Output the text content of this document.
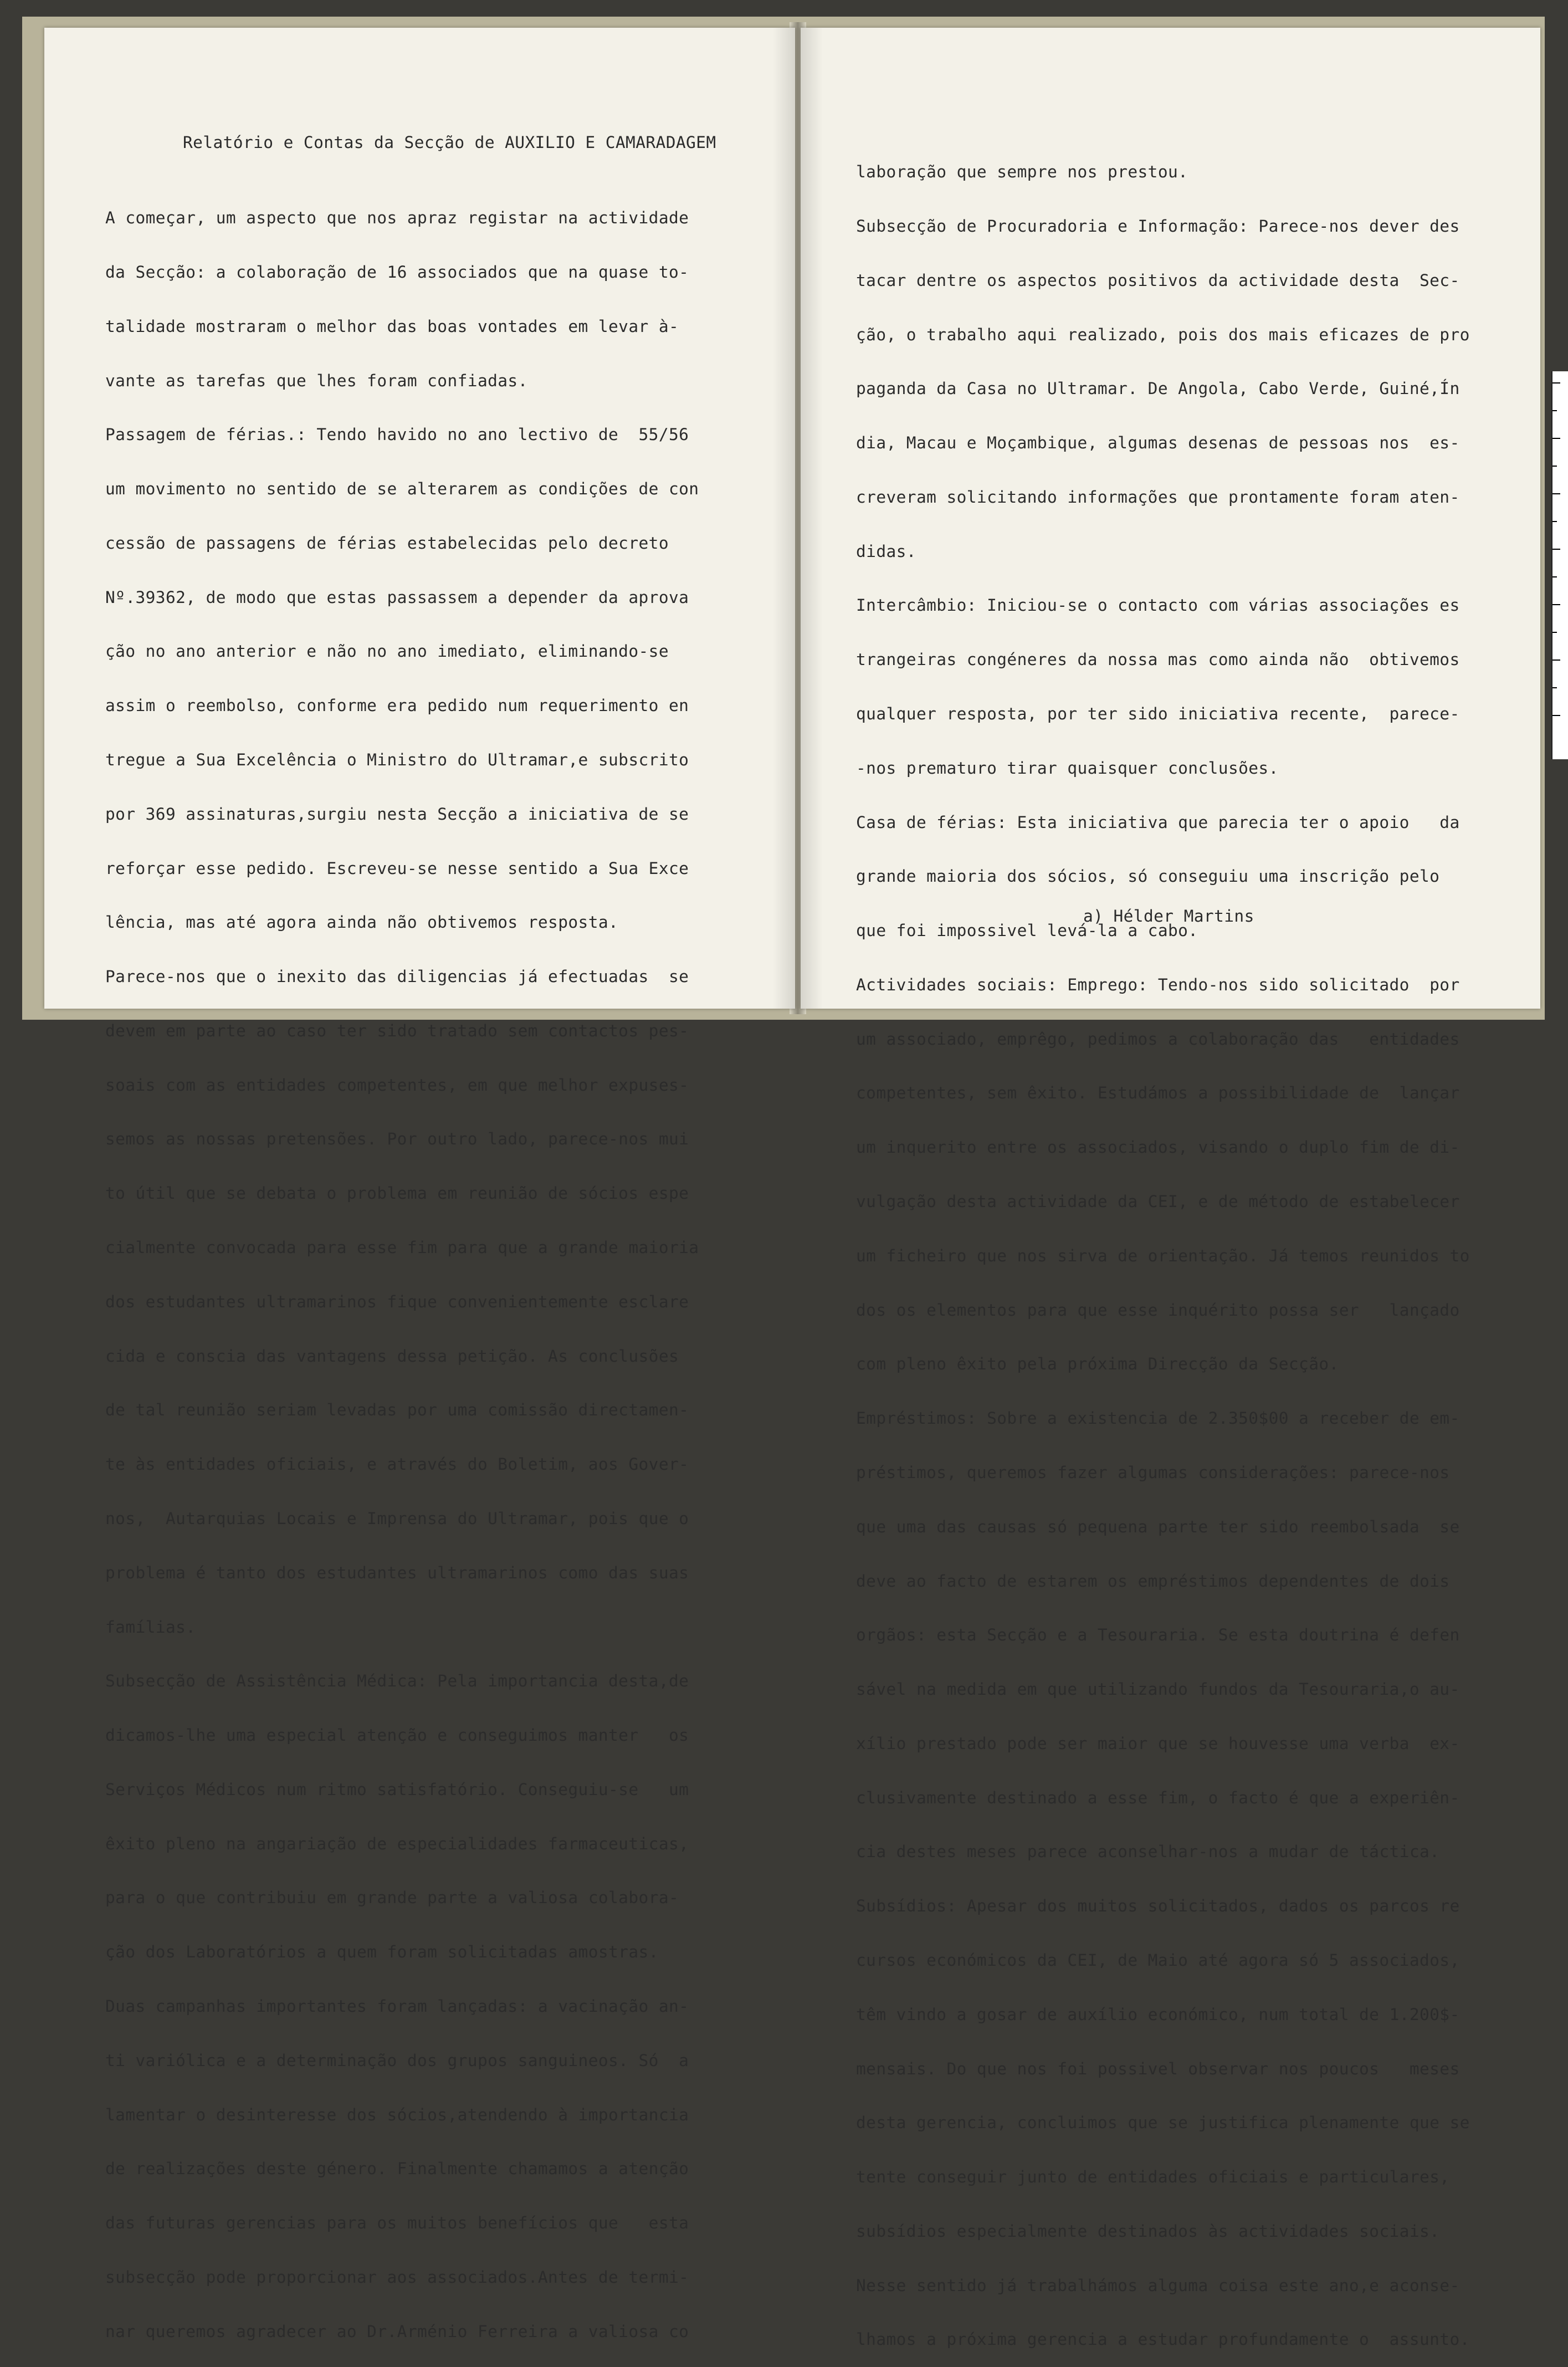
Relatório e Contas da Secção de AUXILIO E CAMARADAGEM

A começar, um aspecto que nos apraz registar na actividade

da Secção: a colaboração de 16 associados que na quase to-

talidade mostraram o melhor das boas vontades em levar à-

vante as tarefas que lhes foram confiadas.

Passagem de férias.: Tendo havido no ano lectivo de  55/56

um movimento no sentido de se alterarem as condições de con

cessão de passagens de férias estabelecidas pelo decreto

Nº.39362, de modo que estas passassem a depender da aprova

ção no ano anterior e não no ano imediato, eliminando-se

assim o reembolso, conforme era pedido num requerimento en

tregue a Sua Excelência o Ministro do Ultramar,e subscrito

por 369 assinaturas,surgiu nesta Secção a iniciativa de se

reforçar esse pedido. Escreveu-se nesse sentido a Sua Exce

lência, mas até agora ainda não obtivemos resposta.

Parece-nos que o inexito das diligencias já efectuadas  se

devem em parte ao caso ter sido tratado sem contactos pes-

soais com as entidades competentes, em que melhor expuses-

semos as nossas pretensões. Por outro lado, parece-nos mui

to útil que se debata o problema em reunião de sócios espe

cialmente convocada para esse fim para que a grande maioria

dos estudantes ultramarinos fique convenientemente esclare

cida e conscia das vantagens dessa petição. As conclusões

de tal reunião seriam levadas por uma comissão directamen-

te às entidades oficiais, e através do Boletim, aos Gover-

nos,  Autarquias Locais e Imprensa do Ultramar, pois que o

problema é tanto dos estudantes ultramarinos como das suas

famílias.

Subsecção de Assistência Médica: Pela importancia desta,de

dicamos-lhe uma especial atenção e conseguimos manter   os

Serviços Médicos num ritmo satisfatório. Conseguiu-se   um

êxito pleno na angariação de especialidades farmaceuticas,

para o que contribuiu em grande parte a valiosa colabora-

ção dos Laboratórios a quem foram solicitadas amostras.

Duas campanhas importantes foram lançadas: a vacinação an-

ti variólica e a determinação dos grupos sanguineos. Só  a

lamentar o desinteresse dos sócios,atendendo à importancia

de realizações deste género. Finalmente chamamos a atenção

das futuras gerencias para os muitos benefícios que   esta

subsecção pode proporcionar aos associados.Antes de termi-

nar queremos agradecer ao Dr.Arménio Ferreira a valiosa co

laboração que sempre nos prestou.

Subsecção de Procuradoria e Informação: Parece-nos dever des

tacar dentre os aspectos positivos da actividade desta  Sec-

ção, o trabalho aqui realizado, pois dos mais eficazes de pro

paganda da Casa no Ultramar. De Angola, Cabo Verde, Guiné,Ín

dia, Macau e Moçambique, algumas desenas de pessoas nos  es-

creveram solicitando informações que prontamente foram aten-

didas.

Intercâmbio: Iniciou-se o contacto com várias associações es

trangeiras congéneres da nossa mas como ainda não  obtivemos

qualquer resposta, por ter sido iniciativa recente,  parece-

-nos prematuro tirar quaisquer conclusões.

Casa de férias: Esta iniciativa que parecia ter o apoio   da

grande maioria dos sócios, só conseguiu uma inscrição pelo

que foi impossivel levá-la a cabo.

Actividades sociais: Emprego: Tendo-nos sido solicitado  por

um associado, emprêgo, pedimos a colaboração das   entidades

competentes, sem êxito. Estudámos a possibilidade de  lançar

um inquerito entre os associados, visando o duplo fim de di-

vulgação desta actividade da CEI, e de método de estabelecer

um ficheiro que nos sirva de orientação. Já temos reunidos to

dos os elementos para que esse inquérito possa ser   lançado

com pleno êxito pela próxima Direcção da Secção.

Empréstimos: Sobre a existencia de 2.350$00 a receber de em-

préstimos, queremos fazer algumas considerações: parece-nos

que uma das causas só pequena parte ter sido reembolsada  se

deve ao facto de estarem os empréstimos dependentes de dois

orgãos: esta Secção e a Tesouraria. Se esta doutrina é defen

sável na medida em que utilizando fundos da Tesouraria,o au-

xílio prestado pode ser maior que se houvesse uma verba  ex-

clusivamente destinado a esse fim, o facto é que a experiên-

cia destes meses parece aconselhar-nos a mudar de táctica.

Subsídios: Apesar dos muitos solicitados, dados os parcos re

cursos económicos da CEI, de Maio até agora só 5 associados,

têm vindo a gosar de auxílio económico, num total de 1.200$-

mensais. Do que nos foi possivel observar nos poucos   meses

desta gerencia, concluimos que se justifica plenamente que se

tente conseguir junto de entidades oficiais e particulares,

subsídios especialmente destinados às actividades sociais.

Nesse sentido já trabalhámos alguma coisa este ano,e aconse-

lhamos a próxima gerencia a estudar profundamente o  assunto.

a) Hélder Martins
